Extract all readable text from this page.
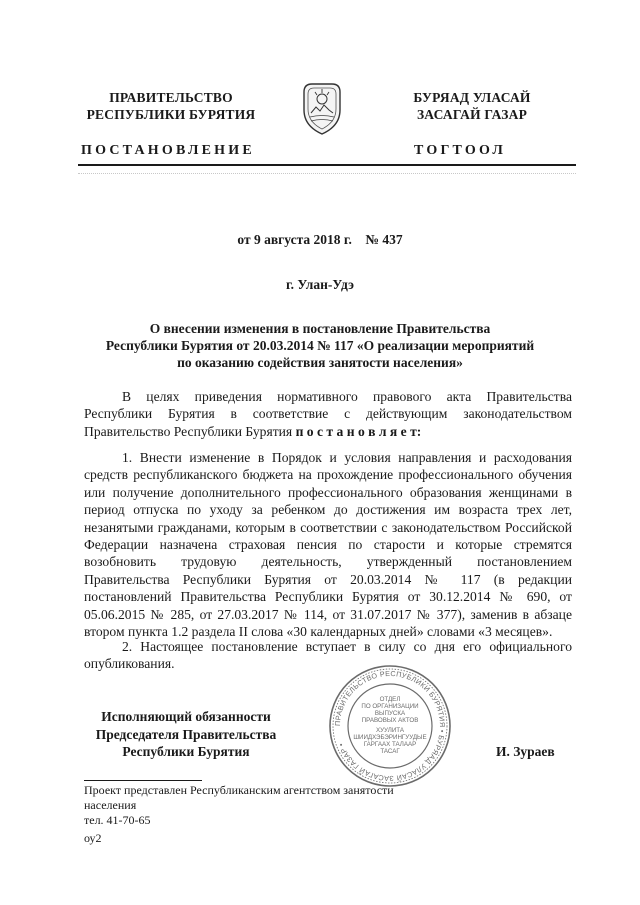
ПРАВИТЕЛЬСТВО
РЕСПУБЛИКИ БУРЯТИЯ
БУРЯАД УЛАСАЙ
ЗАСАГАЙ ГАЗАР
ПОСТАНОВЛЕНИЕ	ТОГТООЛ
от 9 августа 2018 г.    № 437
г. Улан-Удэ
О внесении изменения в постановление Правительства
Республики Бурятия от 20.03.2014 № 117 «О реализации мероприятий
по оказанию содействия занятости населения»
В целях приведения нормативного правового акта Правительства Республики Бурятия в соответствие с действующим законодательством Правительство Республики Бурятия п о с т а н о в л я е т:
1. Внести изменение в Порядок и условия направления и расходования средств республиканского бюджета на прохождение профессионального обучения или получение дополнительного профессионального образования женщинами в период отпуска по уходу за ребенком до достижения им возраста трех лет, незанятыми гражданами, которым в соответствии с законодательством Российской Федерации назначена страховая пенсия по старости и которые стремятся возобновить трудовую деятельность, утвержденный постановлением Правительства Республики Бурятия от 20.03.2014 № 117 (в редакции постановлений Правительства Республики Бурятия от 30.12.2014 № 690, от 05.06.2015 № 285, от 27.03.2017 № 114, от 31.07.2017 № 377), заменив в абзаце втором пункта 1.2 раздела II слова «30 календарных дней» словами «3 месяцев».
2. Настоящее постановление вступает в силу со дня его официального опубликования.
ПРАВИТЕЛЬСТВО РЕСПУБЛИКИ БУРЯТИЯ • БУРЯАД УЛАСАЙ ЗАСАГАЙ ГАЗАР •
ОТДЕЛ
ПО ОРГАНИЗАЦИИ
ВЫПУСКА
ПРАВОВЫХ АКТОВ
ХУУЛИТА
ШИИДХЭБЭРИНГУУДЫЕ
ГАРГААХ ТАЛААР
ТАСАГ
Исполняющий обязанности
Председателя Правительства
Республики Бурятия	И. Зураев
Проект представлен Республиканским агентством занятости
населения
тел. 41-70-65
оу2
